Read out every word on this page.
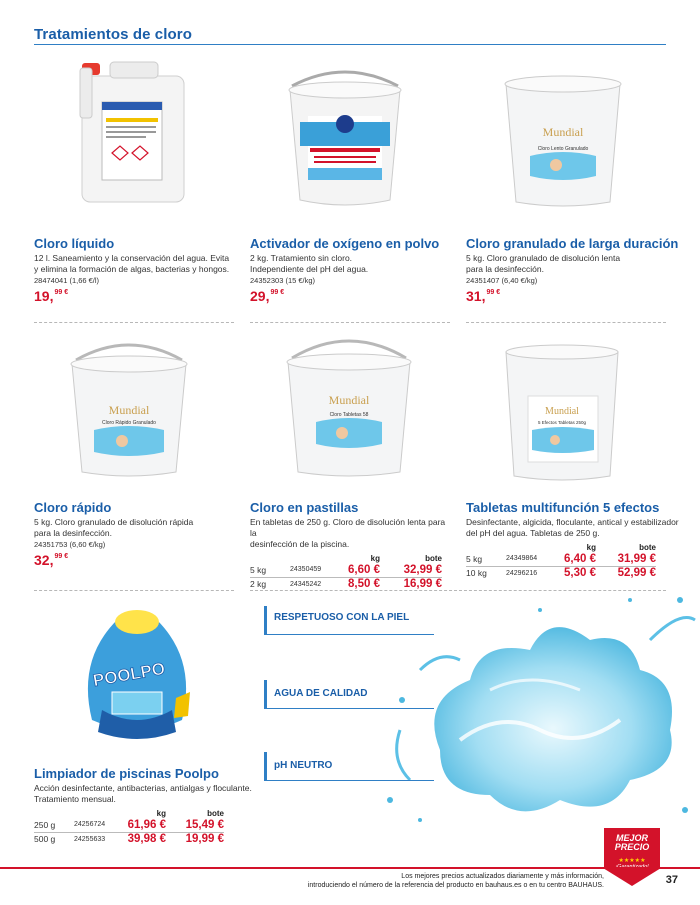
Tratamientos de cloro
Cloro Líquido
Mundial
Cloro Lento Granulado
Mundial
Cloro Rápido Granulado
Mundial
Cloro Tabletas 58	Mundial
5 Efectos Tabletas 250g
POOLPO
Cloro líquido
12 l. Saneamiento y la conservación del agua. Evita
y elimina la formación de algas, bacterias y hongos.
28474041 (1,66 €/l)
19,$^{99 €}$
Activador de oxígeno en polvo
2 kg. Tratamiento sin cloro.
Independiente del pH del agua.
24352303 (15 €/kg)
29,$^{99 €}$
Cloro granulado de larga duración
5 kg. Cloro granulado de disolución lenta
para la desinfección.
24351407 (6,40 €/kg)
31,$^{99 €}$
Cloro rápido
5 kg. Cloro granulado de disolución rápida
para la desinfección.
24351753 (6,60 €/kg)
32,$^{99 €}$
Cloro en pastillas
En tabletas de 250 g. Cloro de disolución lenta para la
desinfección de la piscina.
		kg	bote
5 kg	24350459	6,60 €	32,99 €
2 kg	24345242	8,50 €	16,99 €
Tabletas multifunción 5 efectos
Desinfectante, algicida, floculante, antical y estabilizador
del pH del agua. Tabletas de 250 g.
		kg	bote
5 kg	24349864	6,40 €	31,99 €
10 kg	24296216	5,30 €	52,99 €
RESPETUOSO CON LA PIEL
AGUA DE CALIDAD
pH NEUTRO
Limpiador de piscinas Poolpo
Acción desinfectante, antibacterias, antialgas y floculante.
Tratamiento mensual.
		kg	bote
250 g	24256724	61,96 €	15,49 €
500 g	24255633	39,98 €	19,99 €	MEJOR
PRECIO
★★★★★
Los mejores precios actualizados diariamente y más información,
introduciendo el número de la referencia del producto en bauhaus.es o en tu centro BAUHAUS.	37
